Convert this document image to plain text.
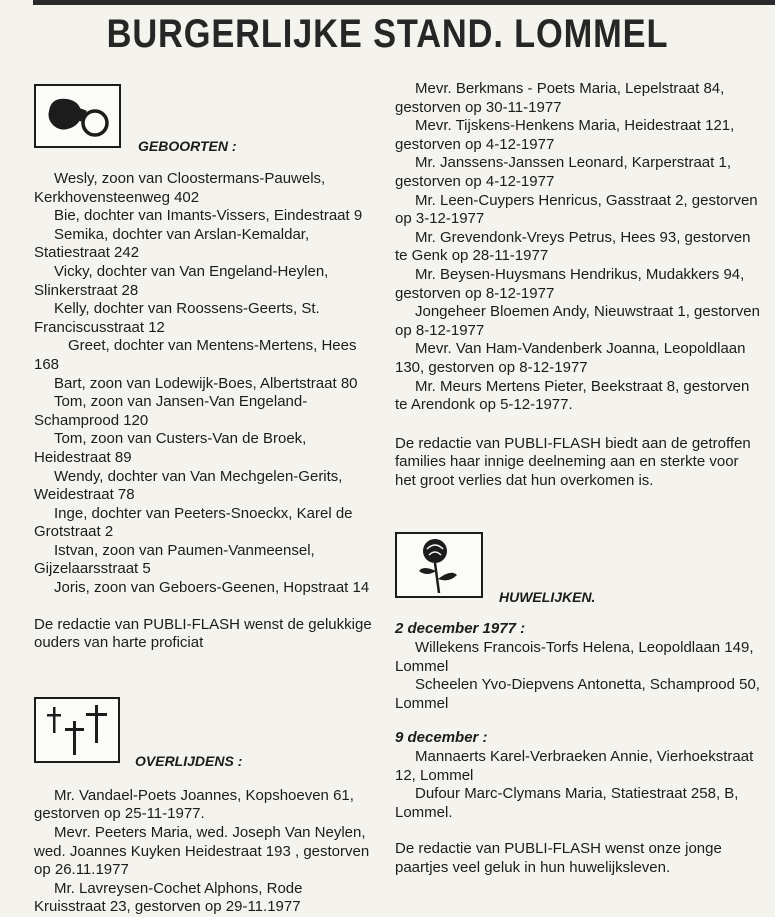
BURGERLIJKE STAND. LOMMEL
GEBOORTEN :

Wesly, zoon van Cloostermans-Pauwels, Kerkhovensteenweg 402

Bie, dochter van Imants-Vissers, Eindestraat 9

Semika, dochter van Arslan-Kemaldar, Statiestraat 242

Vicky, dochter van Van Engeland-Heylen, Slinkerstraat 28

Kelly, dochter van Roossens-Geerts, St. Franciscusstraat 12

Greet, dochter van Mentens-Mertens, Hees 168

Bart, zoon van Lodewijk-Boes, Albertstraat 80

Tom, zoon van Jansen-Van Engeland-Schamprood 120

Tom, zoon van Custers-Van de Broek, Heidestraat 89

Wendy, dochter van Van Mechgelen-Gerits, Weidestraat 78

Inge, dochter van Peeters-Snoeckx, Karel de Grotstraat 2

Istvan, zoon van Paumen-Vanmeensel, Gijzelaarsstraat 5

Joris, zoon van Geboers-Geenen, Hopstraat 14

De redactie van PUBLI-FLASH wenst de gelukkige ouders van harte proficiat

OVERLIJDENS :

Mr. Vandael-Poets Joannes, Kopshoeven 61, gestorven op 25-11-1977.

Mevr. Peeters Maria, wed. Joseph Van Neylen, wed. Joannes Kuyken Heidestraat 193 , gestorven op 26.11.1977

Mr. Lavreysen-Cochet Alphons, Rode Kruisstraat 23, gestorven op 29-11.1977

Mevr. Berkmans - Poets Maria, Lepelstraat 84, gestorven op 30-11-1977

Mevr. Tijskens-Henkens Maria, Heidestraat 121, gestorven op 4-12-1977

Mr. Janssens-Janssen Leonard, Karperstraat 1, gestorven op 4-12-1977

Mr. Leen-Cuypers Henricus, Gasstraat 2, gestorven op 3-12-1977

Mr. Grevendonk-Vreys Petrus, Hees 93, gestorven te Genk op 28-11-1977

Mr. Beysen-Huysmans Hendrikus, Mudakkers 94, gestorven op 8-12-1977

Jongeheer Bloemen Andy, Nieuwstraat 1, gestorven op 8-12-1977

Mevr. Van Ham-Vandenberk Joanna, Leopoldlaan 130, gestorven op 8-12-1977

Mr. Meurs Mertens Pieter, Beekstraat 8, gestorven te Arendonk op 5-12-1977.

De redactie van PUBLI-FLASH biedt aan de getroffen families haar innige deelneming aan en sterkte voor het groot verlies dat hun overkomen is.

HUWELIJKEN.

2 december 1977 :

Willekens Francois-Torfs Helena, Leopoldlaan 149, Lommel

Scheelen Yvo-Diepvens Antonetta, Schamprood 50, Lommel

9 december :

Mannaerts Karel-Verbraeken Annie, Vierhoekstraat 12, Lommel

Dufour Marc-Clymans Maria, Statiestraat 258, B, Lommel.

De redactie van PUBLI-FLASH wenst onze jonge paartjes veel geluk in hun huwelijksleven.
